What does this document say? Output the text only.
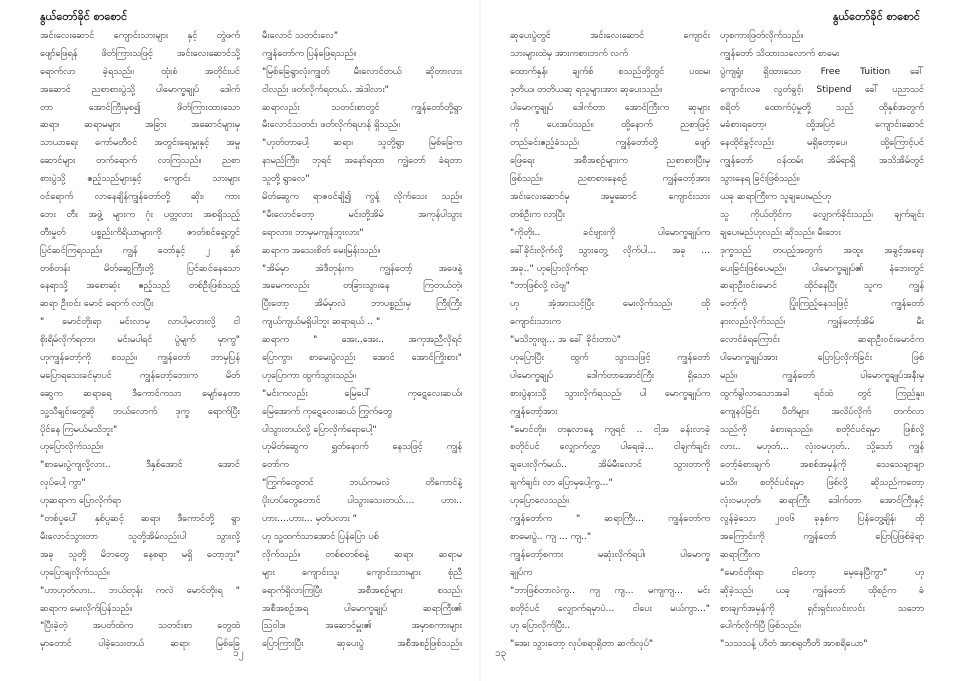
နွယ်တော်ခိုင် စာစောင်
အင်းလေးဆောင် ကျောင်းသားများ နှင့် တွဲဖက်
ဖျော်ဖြေရန် ဖိတ်ကြားသဖြင့် အင်းလေးဆောင်သို့
ရောက်လာ ခဲ့ရသည်။ ထုံးစံ အတိုင်းပင်
အဆောင် ညစာစားပွဲသို့ ပါမောက္ခချုပ် ဒေါက်
တာ အောင်ကြီးမှစ၍ ဖိတ်ကြားထားသော
ဆရာ၊ ဆရာမများ အခြား အဆောင်များမှ
သာယာရေး ကော်မတီဝင် အတွင်းရေးမှူးနှင့် အမှု
ဆောင်များ တက်ရောက် လာကြသည်။ ညစာ
စားပွဲသို့ ဧည့်သည်များနှင့် ကျောင်း သားများ
ဝင်ရောက် လာနေချိန်ကျွန်တော်တို့ ဆိုး၊ ကား
ဘေး တီး အဖွဲ့ များက ဂုံး ပတ္တလား အစရှိသည့်
တီးမှုတ် ပစ္စည်းကိရိယာများကို ဇာတ်စင်ရှေ့တွင်
ပြင်ဆင်ကြရသည်။ ကျွန် တော်နှင့် ၂ နှစ်
တစ်တန်း မိတ်ဆွေကြီးတို့ ပြင်ဆင်နေသော
နေရာသို့ အစောဆုံး ဧည့်သည် တစ်ဦးဖြစ်သည့်
ဆရာ ဦးဝင်း မောင် ရောက် လာပြီး
" မောင်တိုးရာ မင်းလာမှ လာပါ့မလားလို့ ငါ
စိုးရိမ်လိုက်ရတာ၊ မင်းမပါရင် ပွဲမျက် မှာကွ"
ဟုကျွန်တော့်ကို စသည်။ ကျွန်တော် ဘာမှပြန်
မပြောရသေးခင်မှာပင် ကျွန်တော့်ဘေးက မိတ်
ဆွေက ဆရာရေ ဒီကောင်ကသာ မျော်နေတာ
သူ့သီချင်းတွေဆို ဘယ်လောက် ဒုက္ခ ရောက်ပြီး
ပိုင်နေ ကြမယ်မသိဘူး"
ဟုပြောလိုက်သည်။
"စာမေးပွဲကျလို့လား.. ဒီနှစ်အောင် အောင်
လုပ်ပေါ့ ကွာ"
ဟုဆရာက ပြောလိုက်ရာ
"တစ်ပူပေါ် နှစ်ပူဆင့် ဆရာ၊ ဒီကောင်တို့ ရွာ
မီးလောင်သွားတာ သူတို့အိမ်လည်းပါ သွားလို့
အခု သူတို့ မိဘတွေ နေစရာ မရှိ တော့ဘူး"
ဟုပြောချလိုက်သည်။
"ဟာဟုတ်လား.. ဘယ်တုန်း ကလဲ မောင်တိုးရ "
ဆရာက မေးလိုက်ပြန်သည်။
"ပြီးခဲ့တဲ့ အပတ်ထဲက သတင်းစာ တွေထဲ
မှာတောင် ပါခဲ့သေးတယ် ဆရာ၊ မြစ်ခြေ
မီးလောင် သတင်းလေ"
ကျွန်တော်က ပြန်ဖြေရသည်။
"မြစ်ခြေရွာလုံးကျွတ် မီးလောင်တယ် ဆိုတာလား
ငါလည်း ဖတ်လိုက်ရတယ်.. အဲဒါလား"
ဆရာလည်း သတင်းစာတွင် ကျွန်တော်တို့ရွာ
မီးလောင်သတင်း ဖတ်လိုက်ရဟန် ရှိသည်။
"ဟုတ်တာပေါ့ ဆရာ၊ သူတို့ရွာ မြစ်ခြေက
နာမည်ကြီး၊ ဘုရင် အနော်ရထာ ကျွဲတော် ခံရတာ
သူတို့ ရွာလေ"
မိတ်ဆွေက ရာဇဝင်ချိ၍ ကွန့် လိုက်သေး သည်။
"မီးလောင်တော့ မင်းတို့အိမ် အကုန်ပါသွား
ရောလား၊ ဘာမှမကျန်ဘူးလား"
ဆရာက အသေးစိတ် မေးမြန်းသည်။
"အိမ်မှာ အဲဒီတုန်းက ကျွန်တော့် အဖေနဲ့
အမေကလည်း တခြားသွားနေ ကြတယ်တဲ့၊
ပြီးတော့ အိမ်မှာလဲ ဘာပစ္စည်းမှ ကြီးကြီး
ကျယ်ကျယ်မရှိပါဘူး ဆရာရယ် .. "
ဆရာက " အေး..အေး.. အကုအညီလိုရင်
ပြောကွာ၊ စာမေးပွဲလည်း အောင် အောင်ကြိုးစား"
ဟုပြောကာ ထွက်သွားသည်။
"မင်းကလည်း မြေပေါ် ကုဋေလေးဆယ်၊
မြေအောက် ကုဋေလေးဆယ် ကြွက်တွေ
ပါသွားတယ်လို့ ပြောလိုက်ရောပေါ့"
ဟုမိတ်ဆွေက ရွှတ်နောက် နေသဖြင့် ကျွန်
တော်က
"ကြွက်တွေတင် ဘယ်ကမလဲ တိကောင်နဲ့
ပိုးဟပ်တွေတောင် ပါသွားသေးတယ်.... ဟား..
ဟား....ဟား... မှတ်ပလား "
ဟု သူ့ထက်သာအောင် ပြန်ပြော ပစ်
လိုက်သည်။ တစ်စတစ်စနဲ့ ဆရာ၊ ဆရာမ
များ ကျောင်းသူ၊ ကျောင်းသားများ စုံညီ
ရောက်ရှိလာကြပြီး အစီအစဉ်များ စသည်၊
အစီအစဉ်အရ ပါမောက္ခချုပ် ဆရာကြီး၏
ဩဝါဒ၊ အဆောင်မှူး၏ အမှာစကားများ
ပြောကြားပြီး ဆုပေးပွဲ အစီအစဉ်ဖြစ်သည်။
၁၂
နွယ်တော်ခိုင် စာစောင်
ဆုပေးပွဲတွင် အင်းလေးဆောင် ကျောင်း
သားများထဲမှ အားကစားဘက် လက်
ထောက်နှန်၊ ချက်စ် စသည်တို့တွင် ပထမ၊
ဒုတိယ၊ တတိယဆု ရသူများအား ဆုပေးသည်။
ပါမောက္ခချုပ် ဒေါက်တာ အောင်ကြီးက ဆုများ
ကို ပေးအပ်သည်။ ထို့နောက် ညစာဖြင့်
တည်ခင်းဧည့်ခံသည်၊ ကျွန်တော်တို့ ဖျော်
ဖြေရေး အစီအစဉ်များက ညစာစားပြီးမှ
ဖြစ်သည်။ ညစာစားနေစဉ် ကျွန်တော့်အား
အင်းလေးဆောင်မှ အမှုဆောင် ကျောင်းသား
တစ်ဦးက လာပြီး
"ကိုတိုး.. ခင်ဗျားကို ပါမောက္ခချုပ်က
ခေါ်ခိုင်းလိုက်လို့ သွားတွေ့ လိုက်ပါ... အခု ...
အခု.." ဟုပြောလိုက်ရာ
"ဘာဖြစ်လို့ လဲဗျ"
ဟု အံ့အားသင့်ပြီး မေးလိုက်သည်၊ ထို
ကျောင်းသားက
"မသိဘူးဗျ... အ ခေါ် ခိုင်းတာပဲ"
ဟုပြောပြီး ထွက် သွားသဖြင့် ကျွန်တော်
ပါမောက္ခချုပ် ဒေါက်တာအောင်ကြီး ရှိသော
စားပွဲနားသို့ သွားလိုက်ရသည်၊ ပါ မောက္ခချုပ်က
ကျွန်တော့်အား
"မောင်တိုး၊ တနှလာနေ့ ကျရင် .. ငါ့အ ခန်းလာခဲ့
စတိုင်ပင် လျှောက်လွှာ ပါရေးခဲ့... ငါချက်ချင်း
ချပေးလိုက်မယ်.. အိမ်မီးလောင် သွားတာကို
ချက်ချင်း လာ ပြောမှပေါ့ကွ..."
ဟုပြောလေသည်။
ကျွန်တော်က " ဆရာကြီး... ကျွန်တော်က
စာမေးပွဲ.. ကျ ... ကျ.."
ကျွန်တော့်စကား မဆုံးလိုက်ရပါ၊ ပါမောက္ခ
ချုပ်က
"ဘာဖြစ်တာလဲကွ.. ကျ ကျ... မကျကျ... မင်း
စတိုင်ပင် လျှောက်ရမှာပဲ... ငါပေး မယ်ကွာ..."
ဟု ပြောလိုက်ပြီး..
"အေး သွားတော့ လုပ်စရာရှိတာ ဆက်လုပ်"
ဟုစကားဖြတ်လိုက်သည်။
ကျွန်တော် သိထားသလောက် စာမေး
ပွဲကျရှုံး ရှိထားသော Free Tuition ခေါ်
ကျောင်းလခ လွတ်ခွင့်၊ Stipend ခေါ် ပညာသင်
စရိတ် ထောက်ပံ့မှုတို့ သည် ထိုနှစ်အတွက်
မခံစားရတော့၊ ထို့အပြင် ကျောင်းဆောင်
နေထိုင်ခွင့်လည်း မရှိတော့ပေ၊ ထို့ကြောင့်ပင်
ကျွန်တော် ဝန်ထမ်း အိမ်ရာရှိ အသိအိမ်တွင်
သွားနေရ ခြင်းဖြစ်သည်။
ယခု ဆရာကြီးက သူချပေးမည်ဟု
သူ ကိုယ်တိုင်က လျှောက်ခိုင်းသည်၊ ချက်ချင်း
ချပေးမည်ဟုလည်း ဆိုသည်။ မီးဘေး
ဒုက္ခသည် တပည့်အတွက် အထူး အခွင့်အရေး
ပေးခြင်းဖြစ်ပေမည်။ ပါမောက္ခချုပ်၏ နံဘေးတွင်
ဆရာဦးဝင်းမောင် ထိုင်နေပြီး သူက ကျွန်
တော့်ကို ပြုံးကြည့်နေသဖြင့် ကျွန်တော်
နားလည်လိုက်သည်၊ ကျွန်တော့်အိမ် မီး
လောင်ခံရကြောင်း ဆရာဦးဝင်းမောင်က
ပါမောက္ခချုပ်အား ပြောပြလိုက်ခြင်း ဖြစ်
မည်။ ကျွန်တော် ပါမောက္ခချုပ်အနီးမှ
ထွက်ခွါလာသောအခါ ရင်ထဲ တွင် ကြည်နူး၊
ကျေနပ်ခြင်း ပီတိများ အလိပ်လိုက် တက်လာ
သည်ကို ခံစားရသည်။ စတိုင်ပင်ရမှာ ဖြစ်လို့
လား.. မဟုတ်... လုံးဝမဟုတ်.. သို့သော် ကျွန်
တော့်ခံစားချက် အစစ်အမှန်ကို သေသေချာချာ
မသိ။ စတိုင်ပင်ရမှာ ဖြစ်လို့ ဆိုသည်ကတော့
လုံးဝမဟုတ်၊ ဆရာကြီး ဒေါက်တာ အောင်ကြီးနှင့်
လွန်ခဲ့သော ၂၀၀၆ ခုနှစ်က ပြန်တွေ့ချိန်၊ ထို
အကြောင်းကို ကျွန်တော် ပြောပြဖြစ်ခဲ့ရာ
ဆရာကြီးက
"မောင်တိုးရာ ငါတော့ မေ့နေပြီကွာ" ဟု
ဆိုခဲ့သည်၊ ယခု ကျွန်တော် ထိုစဉ်က ခံ
စားချက်အမှန်ကို ရှင်းရှင်းလင်းလင်း သဘော
ပေါက်လိုက်ပြီ ဖြစ်သည်။
"သသသန့် ဟိတံ အာစရုတီတိ အာစရိယော"
၁၃
